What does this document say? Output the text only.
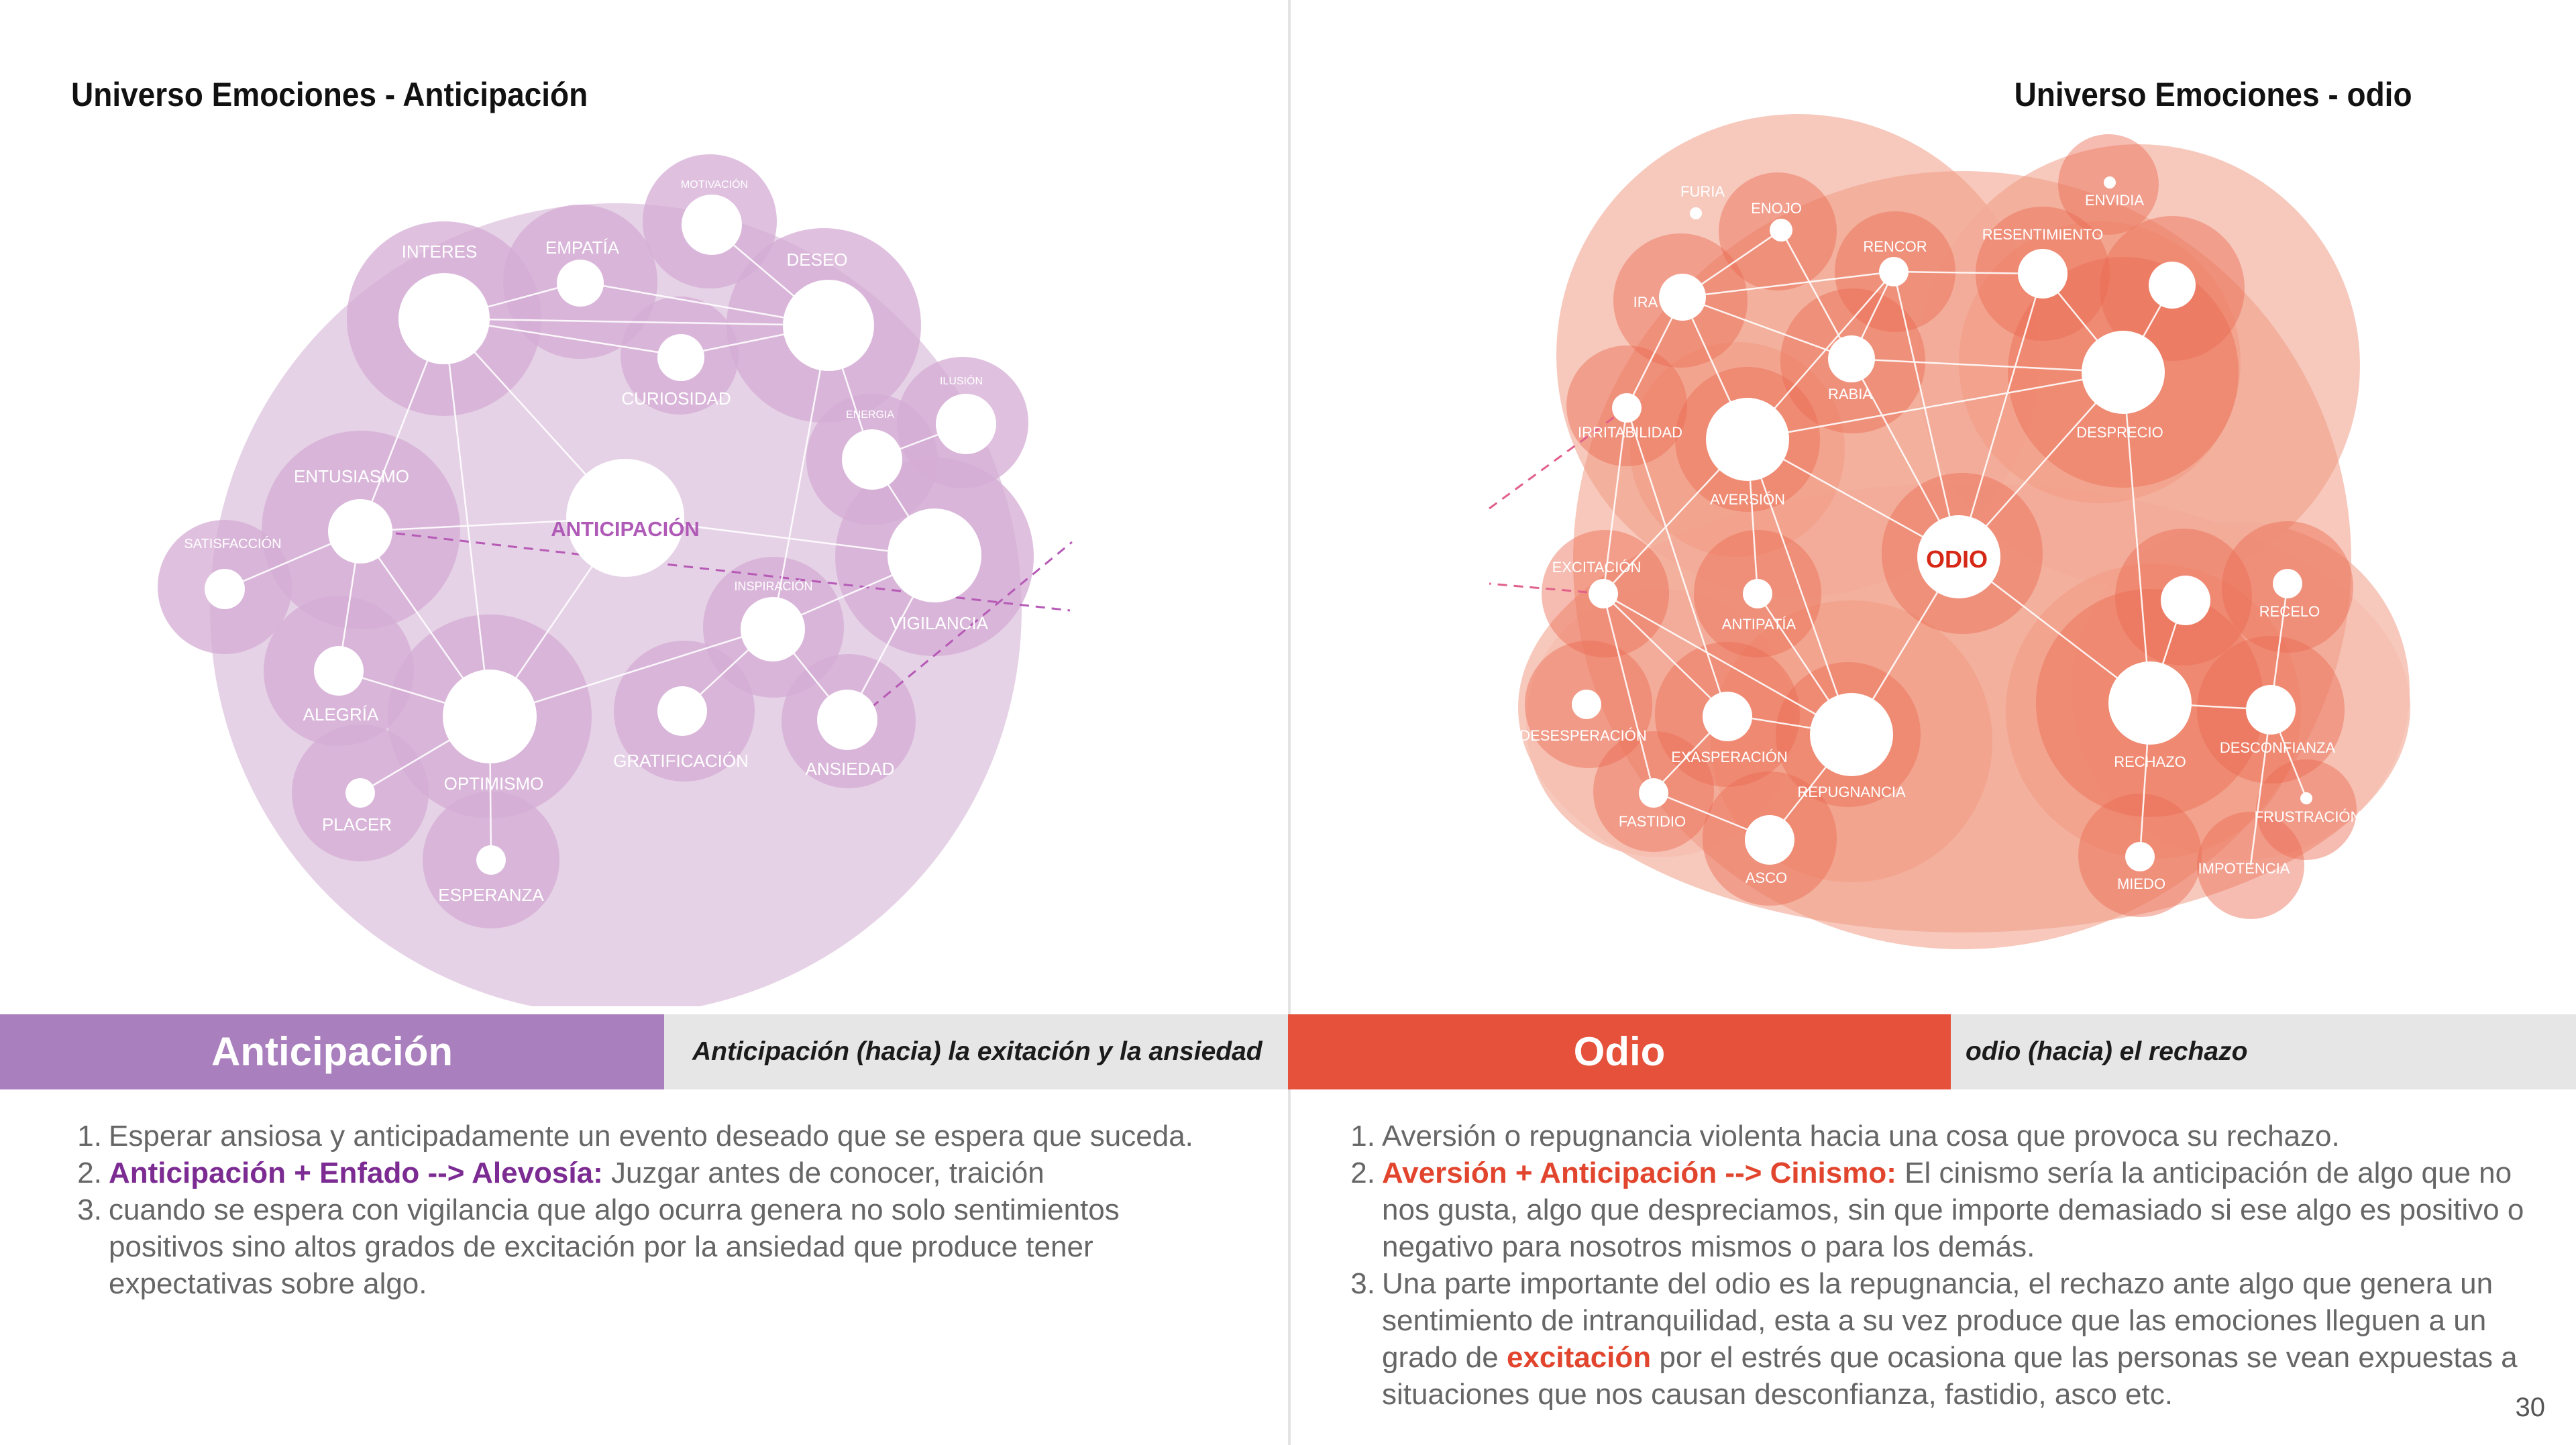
Universo Emociones - Anticipación	Universo Emociones - odio
ANTICIPACIÓN
INTERES	EMPATÍA
MOTIVACIÓN
DESEO
CURIOSIDAD
ILUSIÓN
ENERGIA
ENTUSIASMO
SATISFACCIÓN
VIGILANCIA
INSPIRACIÓN
ALEGRÍA
OPTIMISMO
GRATIFICACIÓN	ANSIEDAD
PLACER
ESPERANZA
ODIO
FURIA
ENOJO
RENCOR
RESENTIMIENTO
ENVIDIA
IRA
RABIA
IRRITABILIDAD	DESPRECIO
AVERSIÓN
EXCITACIÓN
ANTIPATÍA
RECELO
DESESPERACIÓN
EXASPERACIÓN
REPUGNANCIA
RECHAZO
DESCONFIANZA
FASTIDIO	FRUSTRACIÓN
ASCO	MIEDO
IMPOTENCIA
Anticipación	Anticipación (hacia) la exitación y la ansiedad	Odio	odio (hacia) el rechazo
1. Esperar ansiosa y anticipadamente un evento deseado que se espera que suceda.
2. Anticipación + Enfado --> Alevosía: Juzgar antes de conocer, traición
3. cuando se espera con vigilancia que algo ocurra genera no solo sentimientos positivos sino altos grados de excitación por la ansiedad que produce tener expectativas sobre algo.
1. Aversión o repugnancia violenta hacia una cosa que provoca su rechazo.
2. Aversión + Anticipación --> Cinismo: El cinismo sería la anticipación de algo que no nos gusta, algo que despreciamos, sin que importe demasiado si ese algo es positivo o negativo para nosotros mismos o para los demás.
3. Una parte importante del odio es la repugnancia, el rechazo ante algo que genera un sentimiento de intranquilidad, esta a su vez produce que las emociones lleguen a un grado de excitación por el estrés que ocasiona que las personas se vean expuestas a situaciones que nos causan desconfianza, fastidio, asco etc.	30
